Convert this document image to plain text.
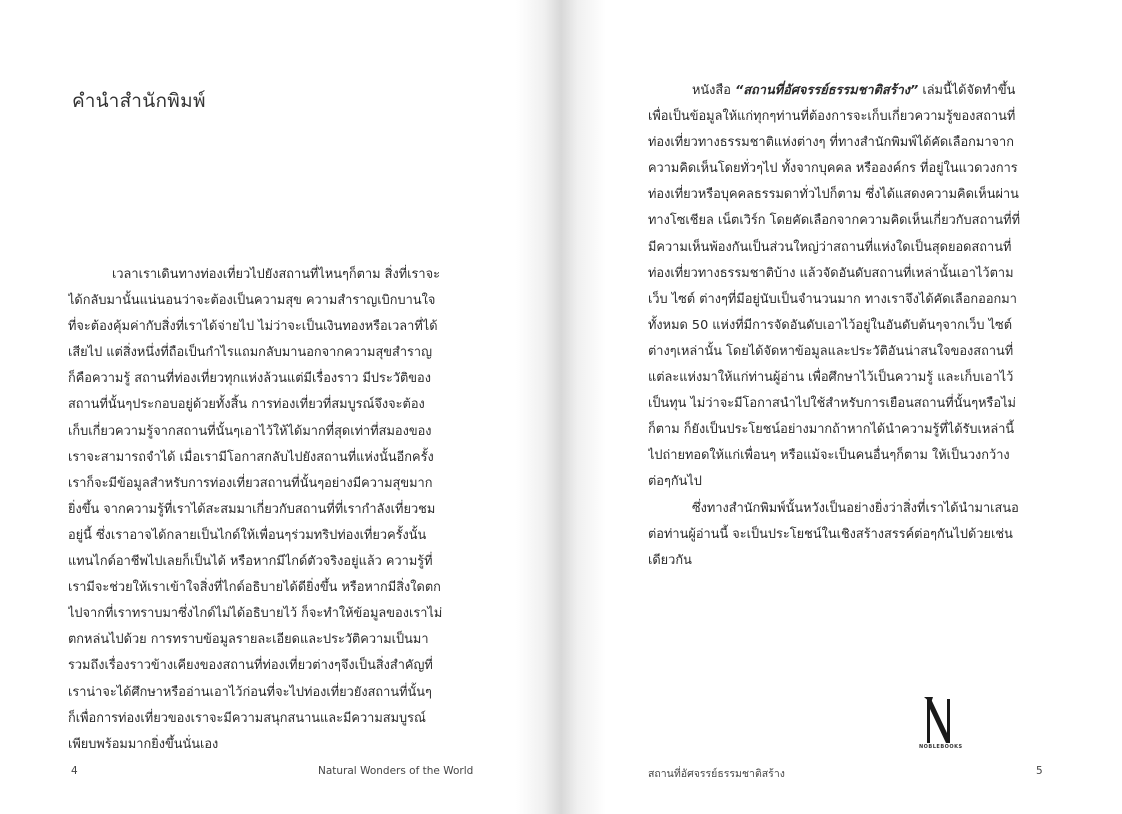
คำนำสำนักพิมพ์
เวลาเราเดินทางท่องเที่ยวไปยังสถานที่ไหนๆก็ตาม สิ่งที่เราจะ
ได้กลับมานั้นแน่นอนว่าจะต้องเป็นความสุข ความสำราญเบิกบานใจ
ที่จะต้องคุ้มค่ากับสิ่งที่เราได้จ่ายไป ไม่ว่าจะเป็นเงินทองหรือเวลาที่ได้
เสียไป แต่สิ่งหนึ่งที่ถือเป็นกำไรแถมกลับมานอกจากความสุขสำราญ
ก็คือความรู้ สถานที่ท่องเที่ยวทุกแห่งล้วนแต่มีเรื่องราว มีประวัติของ
สถานที่นั้นๆประกอบอยู่ด้วยทั้งสิ้น การท่องเที่ยวที่สมบูรณ์จึงจะต้อง
เก็บเกี่ยวความรู้จากสถานที่นั้นๆเอาไว้ให้ได้มากที่สุดเท่าที่สมองของ
เราจะสามารถจำได้ เมื่อเรามีโอกาสกลับไปยังสถานที่แห่งนั้นอีกครั้ง
เราก็จะมีข้อมูลสำหรับการท่องเที่ยวสถานที่นั้นๆอย่างมีความสุขมาก
ยิ่งขึ้น จากความรู้ที่เราได้สะสมมาเกี่ยวกับสถานที่ที่เรากำลังเที่ยวชม
อยู่นี้ ซึ่งเราอาจได้กลายเป็นไกด์ให้เพื่อนๆร่วมทริปท่องเที่ยวครั้งนั้น
แทนไกด์อาชีพไปเลยก็เป็นได้ หรือหากมีไกด์ตัวจริงอยู่แล้ว ความรู้ที่
เรามีจะช่วยให้เราเข้าใจสิ่งที่ไกด์อธิบายได้ดียิ่งขึ้น หรือหากมีสิ่งใดตก
ไปจากที่เราทราบมาซึ่งไกด์ไม่ได้อธิบายไว้ ก็จะทำให้ข้อมูลของเราไม่
ตกหล่นไปด้วย การทราบข้อมูลรายละเอียดและประวัติความเป็นมา
รวมถึงเรื่องราวข้างเคียงของสถานที่ท่องเที่ยวต่างๆจึงเป็นสิ่งสำคัญที่
เราน่าจะได้ศึกษาหรืออ่านเอาไว้ก่อนที่จะไปท่องเที่ยวยังสถานที่นั้นๆ
ก็เพื่อการท่องเที่ยวของเราจะมีความสนุกสนานและมีความสมบูรณ์
เพียบพร้อมมากยิ่งขึ้นนั่นเอง
4	Natural Wonders of the World
หนังสือ “สถานที่อัศจรรย์ธรรมชาติสร้าง” เล่มนี้ได้จัดทำขึ้น
เพื่อเป็นข้อมูลให้แก่ทุกๆท่านที่ต้องการจะเก็บเกี่ยวความรู้ของสถานที่
ท่องเที่ยวทางธรรมชาติแห่งต่างๆ ที่ทางสำนักพิมพ์ได้คัดเลือกมาจาก
ความคิดเห็นโดยทั่วๆไป ทั้งจากบุคคล หรือองค์กร ที่อยู่ในแวดวงการ
ท่องเที่ยวหรือบุคคลธรรมดาทั่วไปก็ตาม ซึ่งได้แสดงความคิดเห็นผ่าน
ทางโซเชียล เน็ตเวิร์ก โดยคัดเลือกจากความคิดเห็นเกี่ยวกับสถานที่ที่
มีความเห็นพ้องกันเป็นส่วนใหญ่ว่าสถานที่แห่งใดเป็นสุดยอดสถานที่
ท่องเที่ยวทางธรรมชาติบ้าง แล้วจัดอันดับสถานที่เหล่านั้นเอาไว้ตาม
เว็บ ไซต์ ต่างๆที่มีอยู่นับเป็นจำนวนมาก ทางเราจึงได้คัดเลือกออกมา
ทั้งหมด 50 แห่งที่มีการจัดอันดับเอาไว้อยู่ในอันดับต้นๆจากเว็บ ไซต์
ต่างๆเหล่านั้น โดยได้จัดหาข้อมูลและประวัติอันน่าสนใจของสถานที่
แต่ละแห่งมาให้แก่ท่านผู้อ่าน เพื่อศึกษาไว้เป็นความรู้ และเก็บเอาไว้
เป็นทุน ไม่ว่าจะมีโอกาสนำไปใช้สำหรับการเยือนสถานที่นั้นๆหรือไม่
ก็ตาม ก็ยังเป็นประโยชน์อย่างมากถ้าหากได้นำความรู้ที่ได้รับเหล่านี้
ไปถ่ายทอดให้แก่เพื่อนๆ หรือแม้จะเป็นคนอื่นๆก็ตาม ให้เป็นวงกว้าง
ต่อๆกันไป
ซึ่งทางสำนักพิมพ์นั้นหวังเป็นอย่างยิ่งว่าสิ่งที่เราได้นำมาเสนอ
ต่อท่านผู้อ่านนี้ จะเป็นประโยชน์ในเชิงสร้างสรรค์ต่อๆกันไปด้วยเช่น
เดียวกัน
NOBLEBOOKS
สถานที่อัศจรรย์ธรรมชาติสร้าง	5
